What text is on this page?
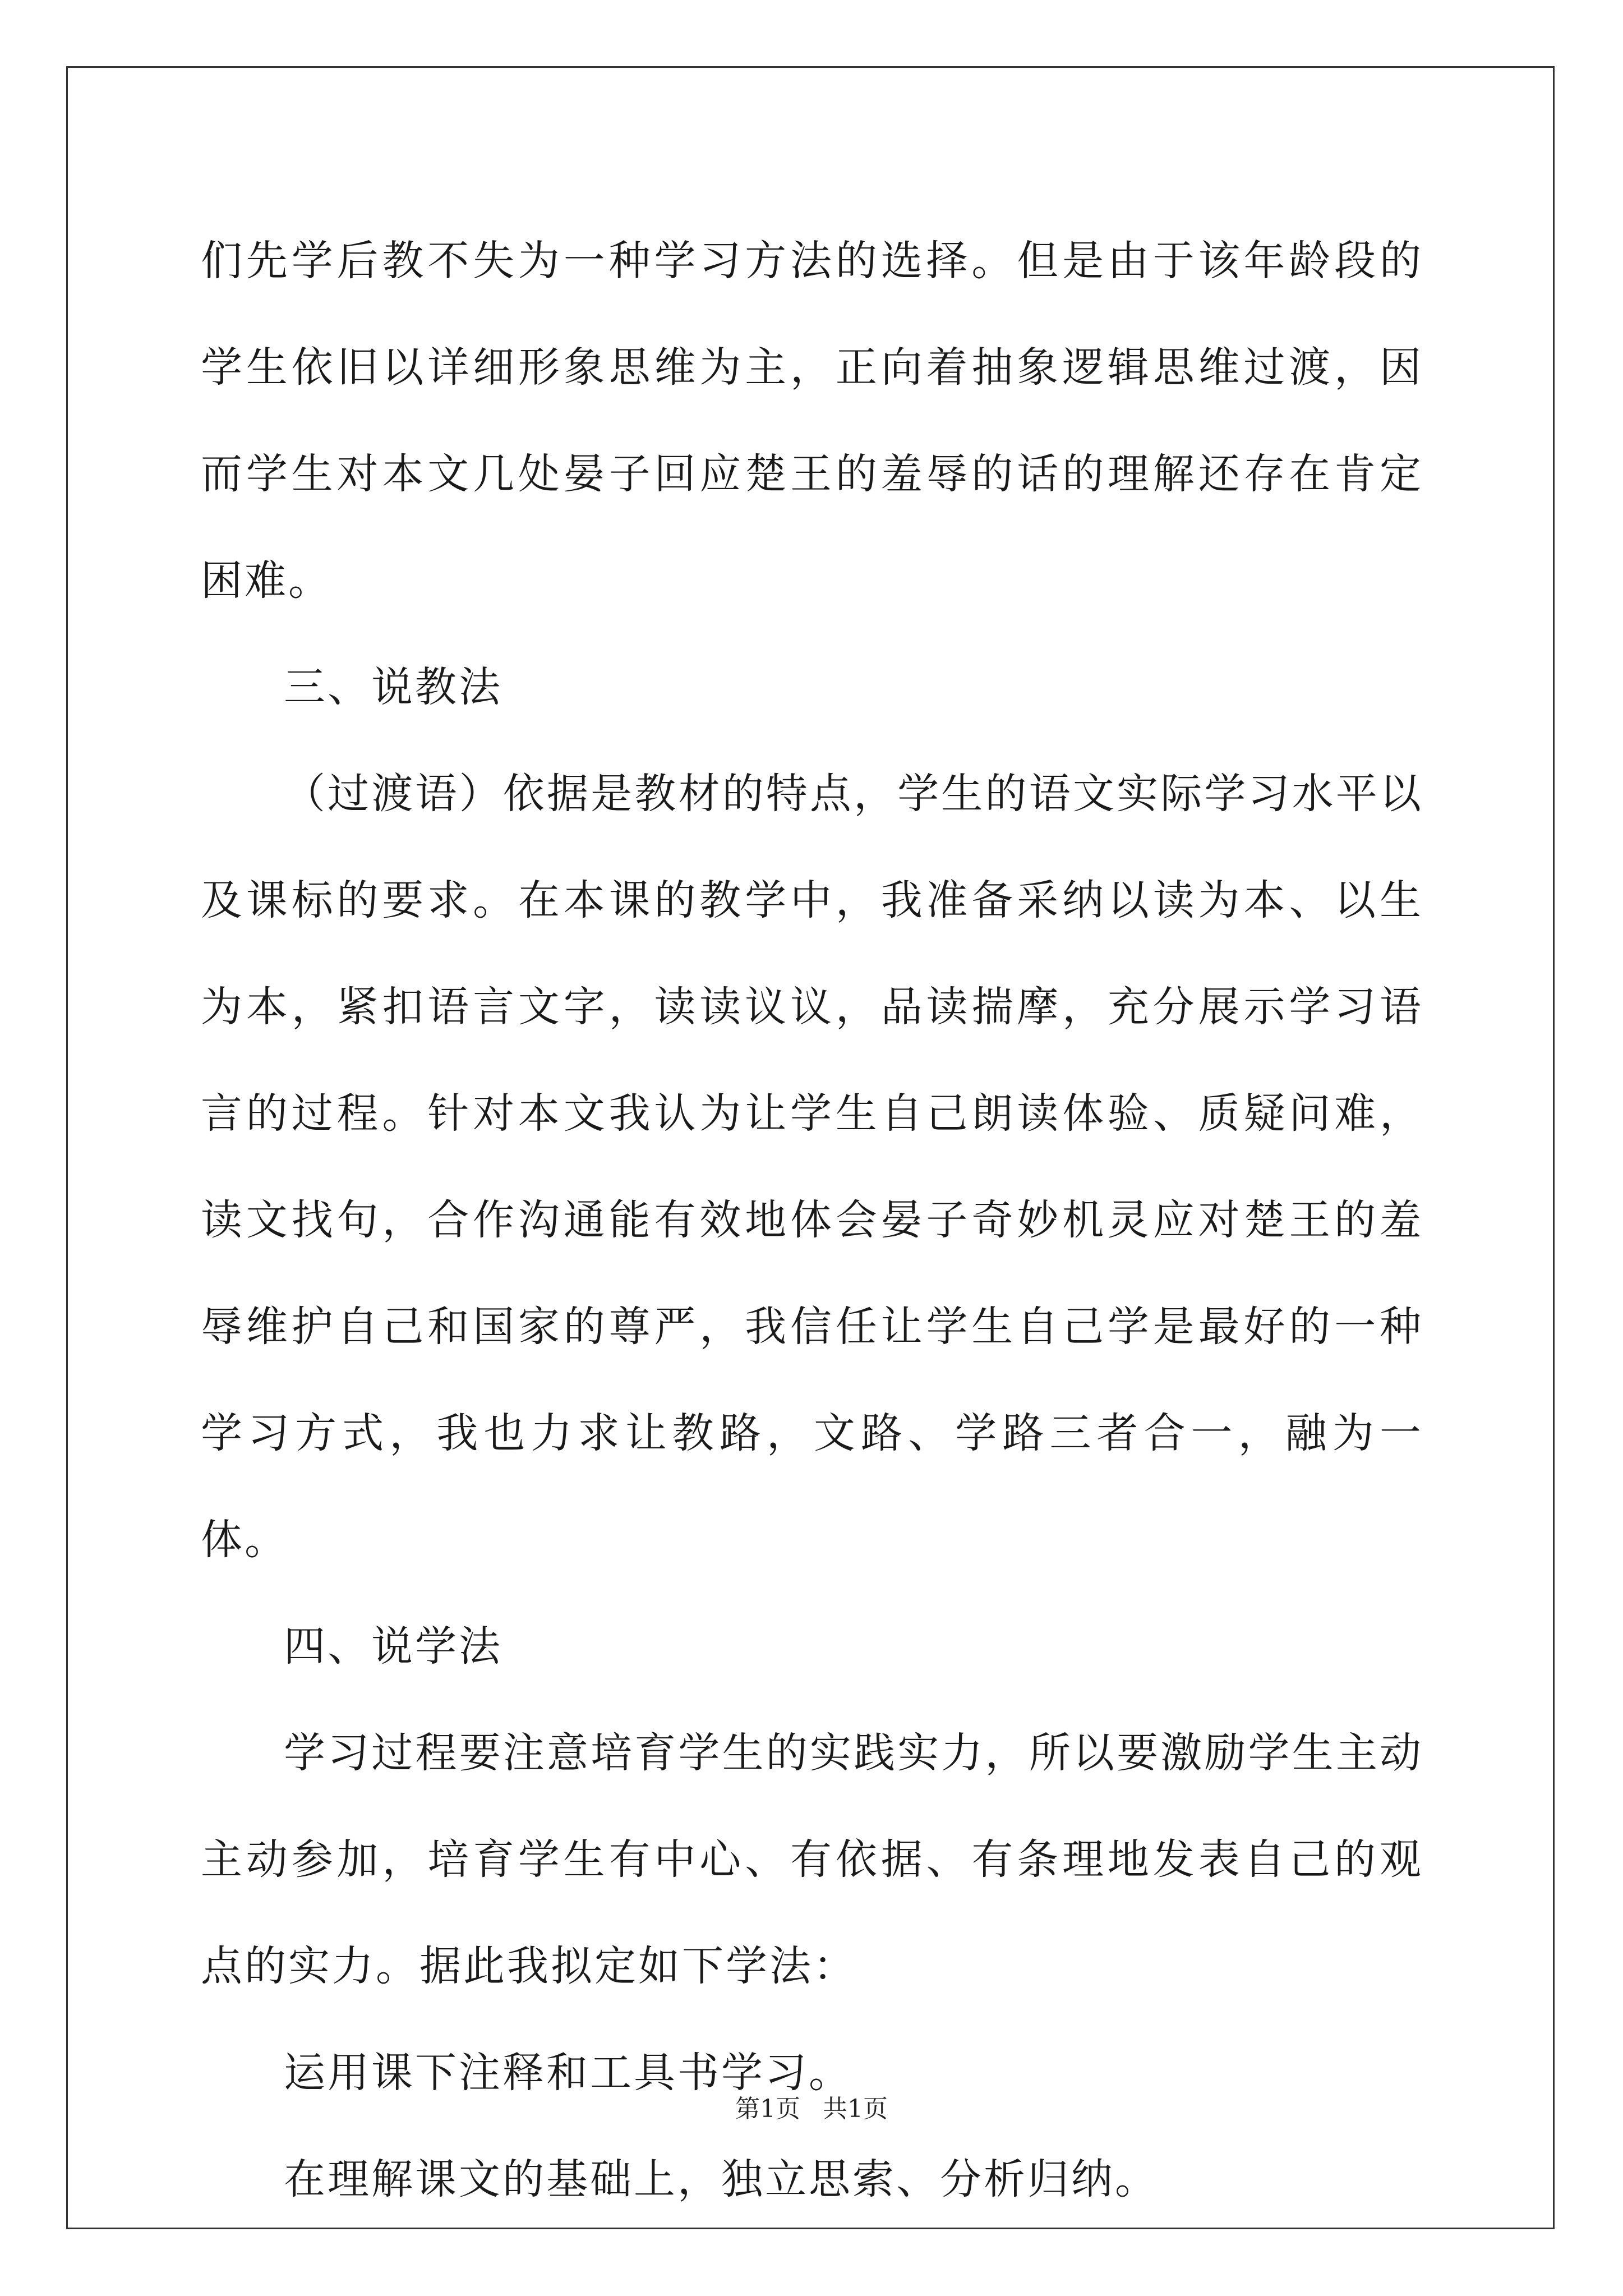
们先学后教不失为一种学习方法的选择。但是由于该年龄段的学生依旧以详细形象思维为主，正向着抽象逻辑思维过渡，因而学生对本文几处晏子回应楚王的羞辱的话的理解还存在肯定困难。

三、说教法

（过渡语）依据是教材的特点，学生的语文实际学习水平以及课标的要求。在本课的教学中，我准备采纳以读为本、以生为本，紧扣语言文字，读读议议，品读揣摩，充分展示学习语言的过程。针对本文我认为让学生自己朗读体验、质疑问难，读文找句，合作沟通能有效地体会晏子奇妙机灵应对楚王的羞辱维护自己和国家的尊严，我信任让学生自己学是最好的一种学习方式，我也力求让教路，文路、学路三者合一，融为一体。

四、说学法

学习过程要注意培育学生的实践实力，所以要激励学生主动主动参加，培育学生有中心、有依据、有条理地发表自己的观点的实力。据此我拟定如下学法：

运用课下注释和工具书学习。

在理解课文的基础上，独立思索、分析归纳。

第1页 共1页
